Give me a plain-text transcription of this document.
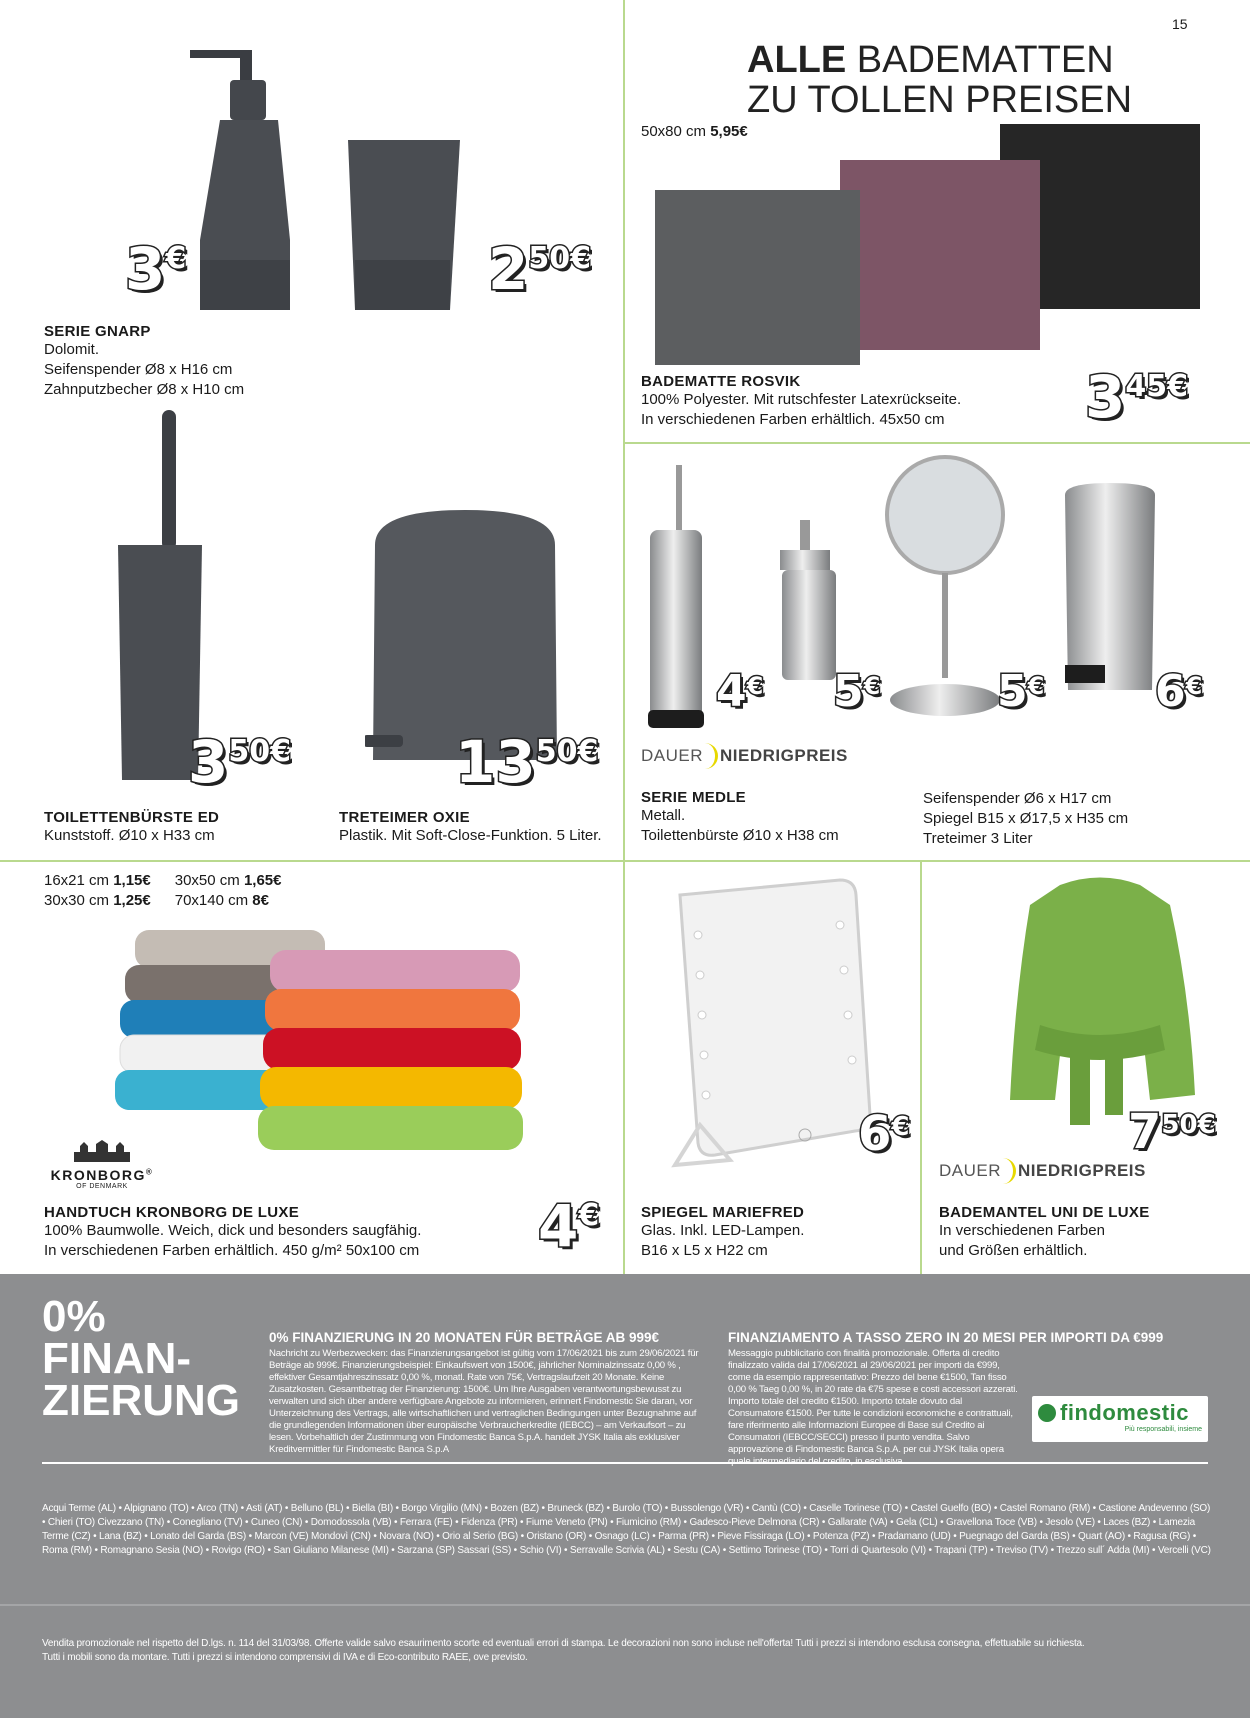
15
3€	250€
SERIE GNARP
Dolomit.
Seifenspender Ø8 x H16 cm
Zahnputzbecher Ø8 x H10 cm
ALLE BADEMATTEN
ZU TOLLEN PREISEN
50x80 cm 5,95€
BADEMATTE ROSVIK
100% Polyester. Mit rutschfester Latexrückseite.
In verschiedenen Farben erhältlich. 45x50 cm 345€
350€
TOILETTENBÜRSTE ED
Kunststoff. Ø10 x H33 cm
1350€
TRETEIMER OXIE
Plastik. Mit Soft-Close-Funktion. 5 Liter.
4€ 5€	5€	6€
DAUER NIEDRIGPREIS
SERIE MEDLE
Metall.
Toilettenbürste Ø10 x H38 cm
Seifenspender Ø6 x H17 cm
Spiegel B15 x Ø17,5 x H35 cm
Treteimer 3 Liter
16x21 cm 1,15€ 30x50 cm 1,65€
30x30 cm 1,25€ 70x140 cm 8€
KRONBORG®
OF DENMARK
HANDTUCH KRONBORG DE LUXE
100% Baumwolle. Weich, dick und besonders saugfähig.
In verschiedenen Farben erhältlich. 450 g/m² 50x100 cm 4€
6€
SPIEGEL MARIEFRED
Glas. Inkl. LED-Lampen.
B16 x L5 x H22 cm
750€
DAUER NIEDRIGPREIS
BADEMANTEL UNI DE LUXE
In verschiedenen Farben
und Größen erhältlich.
0%
FINAN-
ZIERUNG
0% FINANZIERUNG IN 20 MONATEN FÜR BETRÄGE AB 999€
Nachricht zu Werbezwecken: das Finanzierungsangebot ist gültig vom 17/06/2021 bis zum 29/06/2021 für Beträge ab 999€. Finanzierungsbeispiel: Einkaufswert von 1500€, jährlicher Nominalzinssatz 0,00 % , effektiver Gesamtjahreszinssatz 0,00 %, monatl. Rate von 75€, Vertragslaufzeit 20 Monate. Keine Zusatzkosten. Gesamtbetrag der Finanzierung: 1500€. Um Ihre Ausgaben verantwortungsbewusst zu verwalten und sich über andere verfügbare Angebote zu informieren, erinnert Findomestic Sie daran, vor Unterzeichnung des Vertrags, alle wirtschaftlichen und vertraglichen Bedingungen unter Bezugnahme auf die grundlegenden Informationen über europäische Verbraucherkredite (IEBCC) – am Verkaufsort – zu lesen. Vorbehaltlich der Zustimmung von Findomestic Banca S.p.A. handelt JYSK Italia als exklusiver Kreditvermittler für Findomestic Banca S.p.A
FINANZIAMENTO A TASSO ZERO IN 20 MESI PER IMPORTI DA €999
Messaggio pubblicitario con finalità promozionale. Offerta di credito finalizzato valida dal 17/06/2021 al 29/06/2021 per importi da €999, come da esempio rappresentativo: Prezzo del bene €1500, Tan fisso 0,00 % Taeg 0,00 %, in 20 rate da €75 spese e costi accessori azzerati. Importo totale del credito €1500. Importo totale dovuto dal Consumatore €1500. Per tutte le condizioni economiche e contrattuali, fare riferimento alle Informazioni Europee di Base sul Credito ai Consumatori (IEBCC/SECCI) presso il punto vendita. Salvo approvazione di Findomestic Banca S.p.A. per cui JYSK Italia opera
findomestic
Più responsabili, insieme
Acqui Terme (AL) • Alpignano (TO) • Arco (TN) • Asti (AT) • Belluno (BL) • Biella (BI) • Borgo Virgilio (MN) • Bozen (BZ) • Bruneck (BZ) • Burolo (TO) • Bussolengo (VR) • Cantù (CO) • Caselle Torinese (TO) • Castel Guelfo (BO) • Castel Romano (RM) • Castione Andevenno (SO) • Chieri (TO) Civezzano (TN) • Conegliano (TV) • Cuneo (CN) • Domodossola (VB) • Ferrara (FE) • Fidenza (PR) • Fiume Veneto (PN) • Fiumicino (RM) • Gadesco-Pieve Delmona (CR) • Gallarate (VA) • Gela (CL) • Gravellona Toce (VB) • Jesolo (VE) • Laces (BZ) • Lamezia Terme (CZ) • Lana (BZ) • Lonato del Garda (BS) • Marcon (VE) Mondovì (CN) • Novara (NO) • Orio al Serio (BG) • Oristano (OR) • Osnago (LC) • Parma (PR) • Pieve Fissiraga (LO) • Potenza (PZ) • Pradamano (UD) • Puegnago del Garda (BS) • Quart (AO) • Ragusa (RG) • Roma (RM) • Romagnano Sesia (NO) • Rovigo (RO) • San Giuliano Milanese (MI) • Sarzana (SP) Sassari (SS) • Schio (VI) • Serravalle Scrivia (AL) • Sestu (CA) • Settimo Torinese (TO) • Torri di Quartesolo (VI) • Trapani (TP) • Treviso (TV) • Trezzo sull´ Adda (MI) • Vercelli (VC)
Vendita promozionale nel rispetto del D.lgs. n. 114 del 31/03/98. Offerte valide salvo esaurimento scorte ed eventuali errori di stampa. Le decorazioni non sono incluse nell'offerta! Tutti i prezzi si intendono esclusa consegna, effettuabile su richiesta.
Tutti i mobili sono da montare. Tutti i prezzi si intendono comprensivi di IVA e di Eco-contributo RAEE, ove previsto.
